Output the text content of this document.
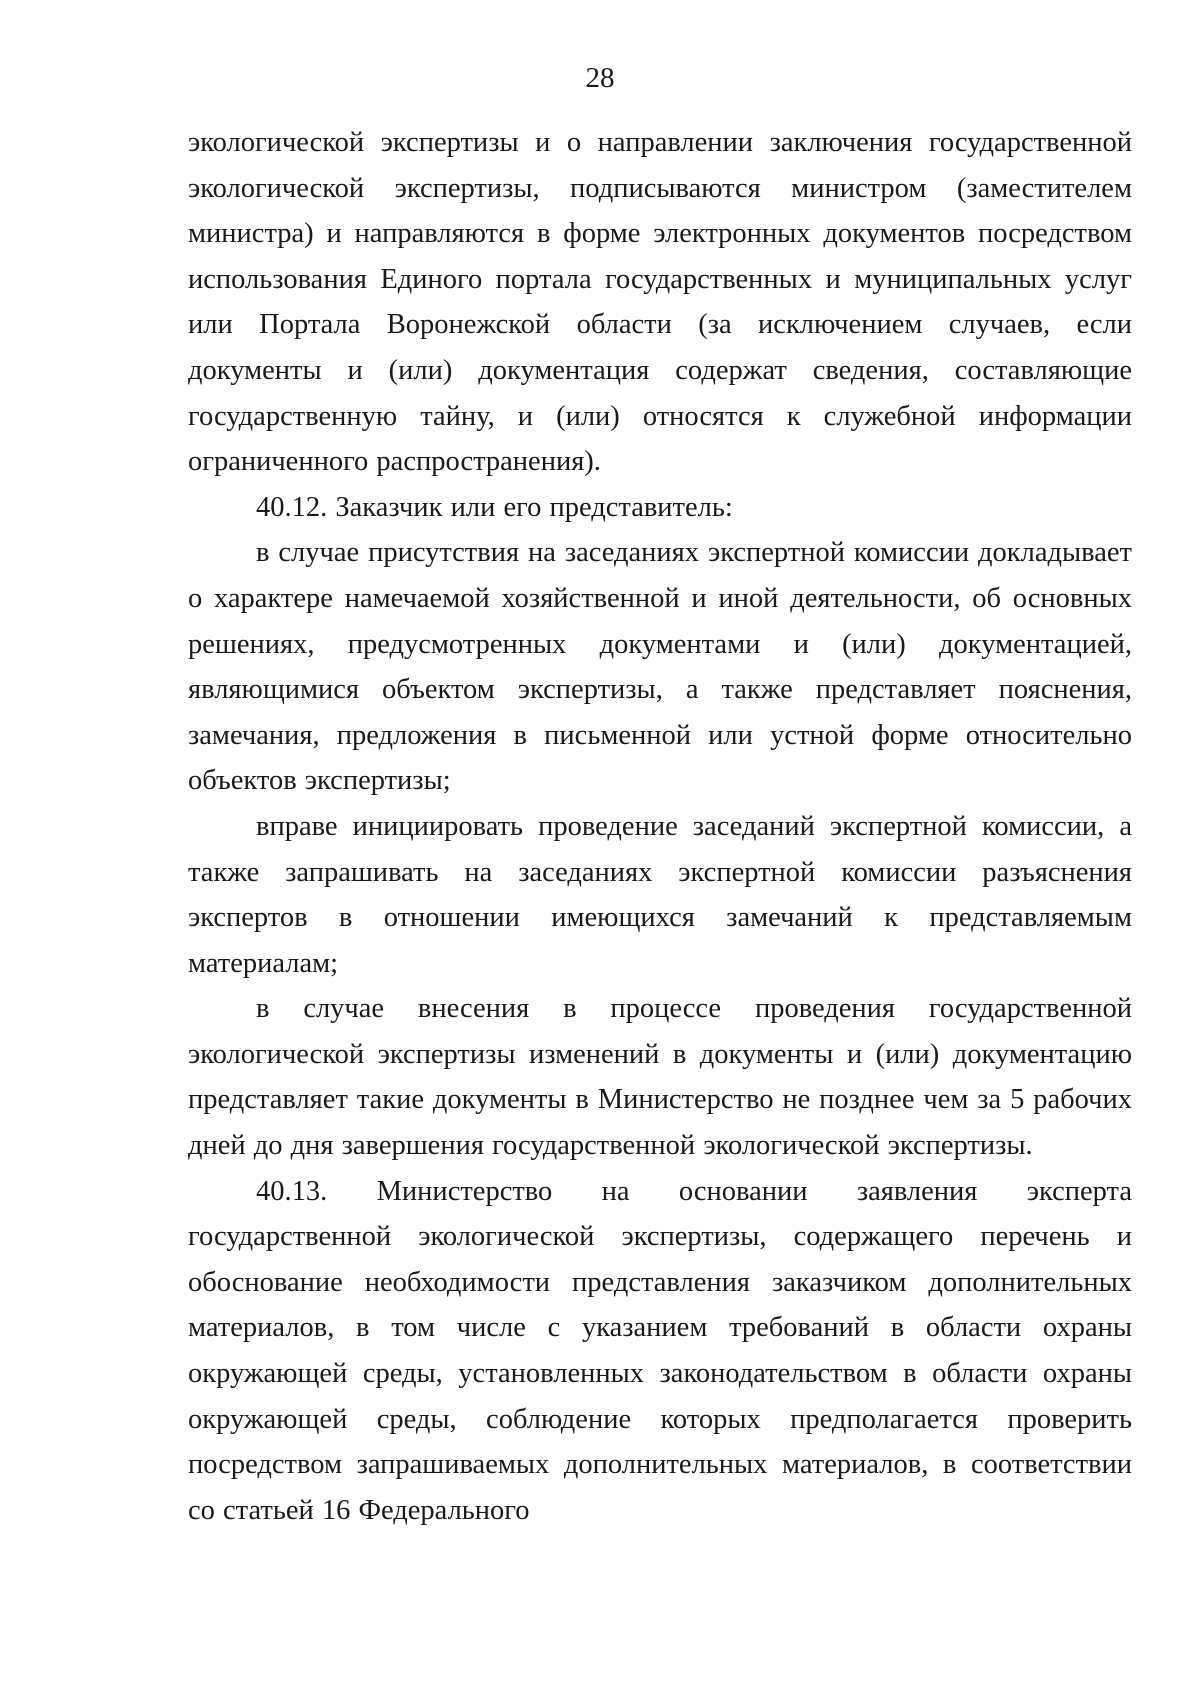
28

экологической экспертизы и о направлении заключения государственной экологической экспертизы, подписываются министром (заместителем министра) и направляются в форме электронных документов посредством использования Единого портала государственных и муниципальных услуг или Портала Воронежской области (за исключением случаев, если документы и (или) документация содержат сведения, составляющие государственную тайну, и (или) относятся к служебной информации ограниченного распространения).

40.12. Заказчик или его представитель:

в случае присутствия на заседаниях экспертной комиссии докладывает о характере намечаемой хозяйственной и иной деятельности, об основных решениях, предусмотренных документами и (или) документацией, являющимися объектом экспертизы, а также представляет пояснения, замечания, предложения в письменной или устной форме относительно объектов экспертизы;

вправе инициировать проведение заседаний экспертной комиссии, а также запрашивать на заседаниях экспертной комиссии разъяснения экспертов в отношении имеющихся замечаний к представляемым материалам;

в случае внесения в процессе проведения государственной экологической экспертизы изменений в документы и (или) документацию представляет такие документы в Министерство не позднее чем за 5 рабочих дней до дня завершения государственной экологической экспертизы.

40.13. Министерство на основании заявления эксперта государственной экологической экспертизы, содержащего перечень и обоснование необходимости представления заказчиком дополнительных материалов, в том числе с указанием требований в области охраны окружающей среды, установленных законодательством в области охраны окружающей среды, соблюдение которых предполагается проверить посредством запрашиваемых дополнительных материалов, в соответствии со статьей 16 Федерального
